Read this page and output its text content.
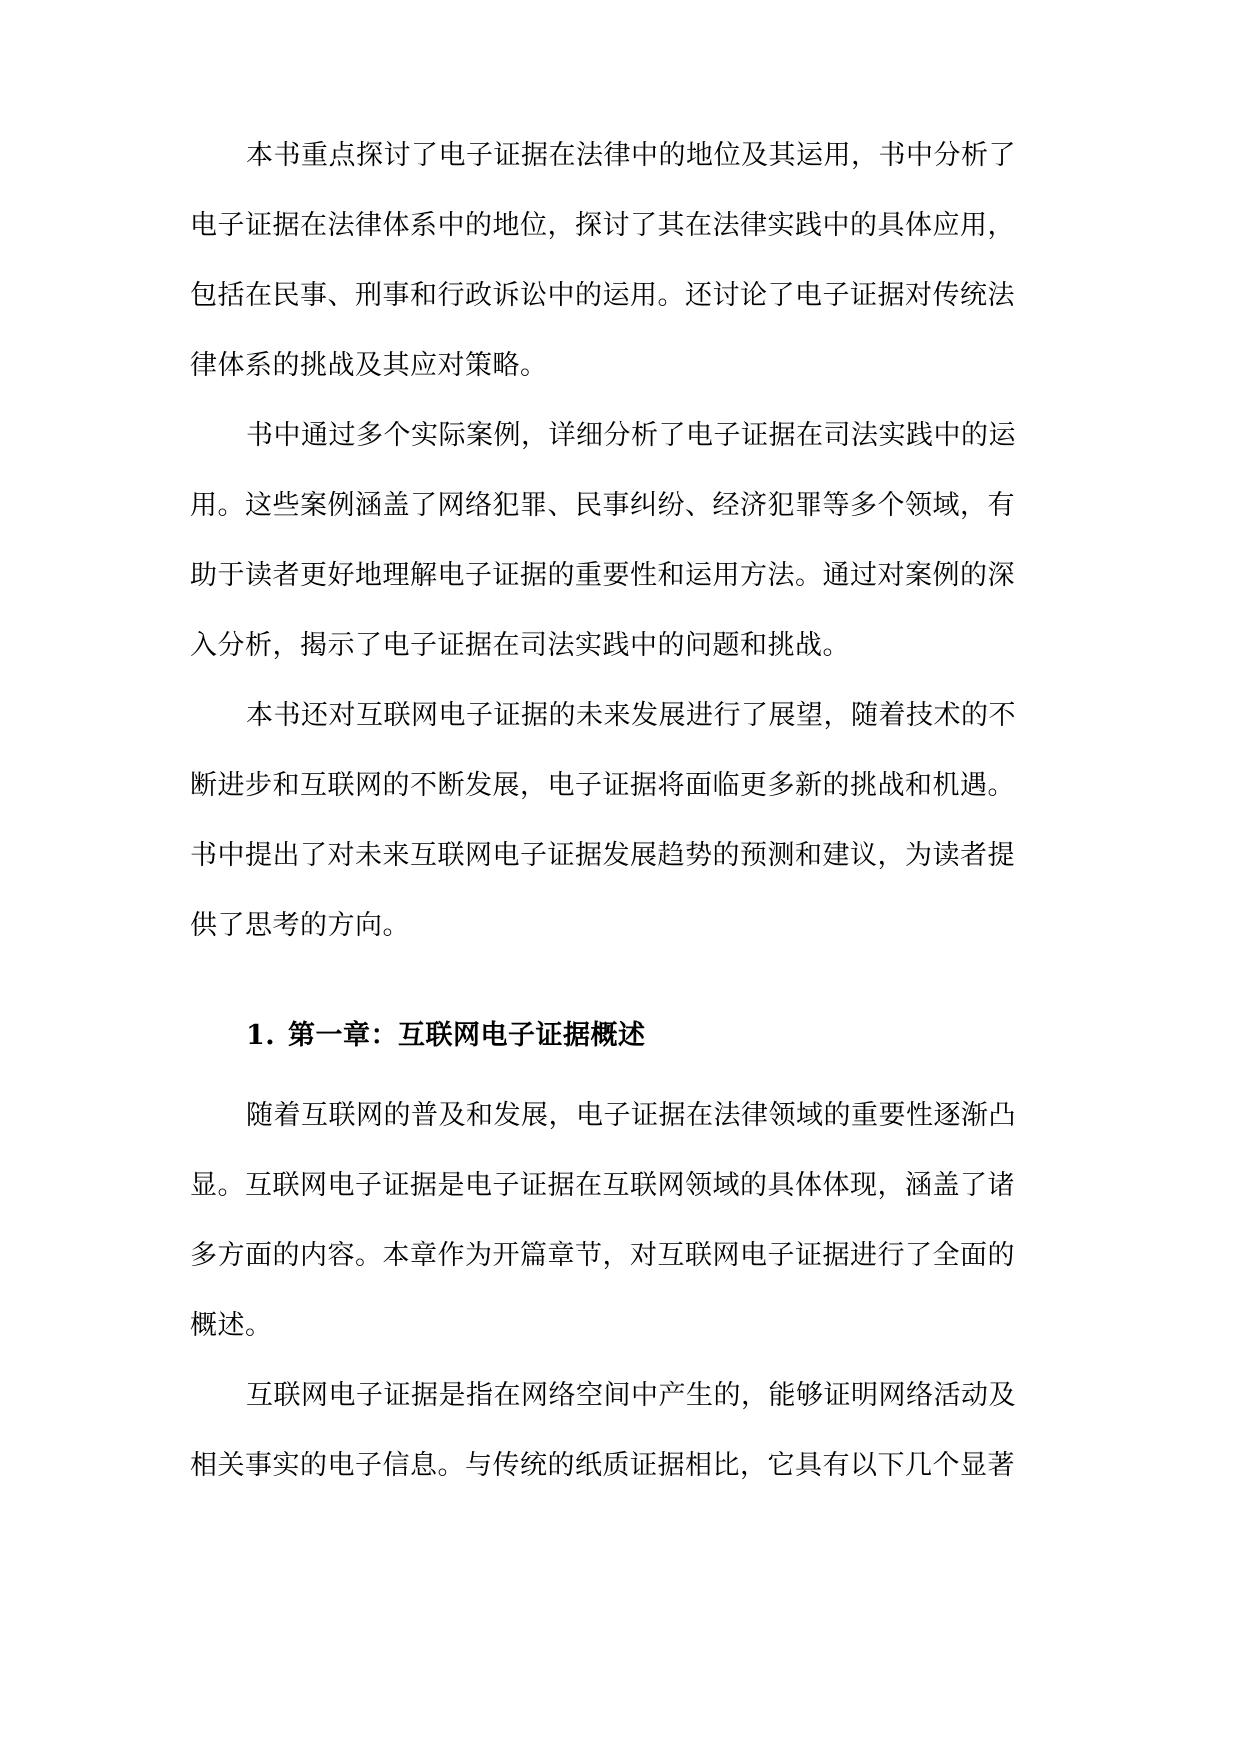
本书重点探讨了电子证据在法律中的地位及其运用，书中分析了
电子证据在法律体系中的地位，探讨了其在法律实践中的具体应用，
包括在民事、刑事和行政诉讼中的运用。还讨论了电子证据对传统法
律体系的挑战及其应对策略。
书中通过多个实际案例，详细分析了电子证据在司法实践中的运
用。这些案例涵盖了网络犯罪、民事纠纷、经济犯罪等多个领域，有
助于读者更好地理解电子证据的重要性和运用方法。通过对案例的深
入分析，揭示了电子证据在司法实践中的问题和挑战。
本书还对互联网电子证据的未来发展进行了展望，随着技术的不
断进步和互联网的不断发展，电子证据将面临更多新的挑战和机遇。
书中提出了对未来互联网电子证据发展趋势的预测和建议，为读者提
供了思考的方向。
1. 第一章：互联网电子证据概述
随着互联网的普及和发展，电子证据在法律领域的重要性逐渐凸
显。互联网电子证据是电子证据在互联网领域的具体体现，涵盖了诸
多方面的内容。本章作为开篇章节，对互联网电子证据进行了全面的
概述。
互联网电子证据是指在网络空间中产生的，能够证明网络活动及
相关事实的电子信息。与传统的纸质证据相比，它具有以下几个显著
